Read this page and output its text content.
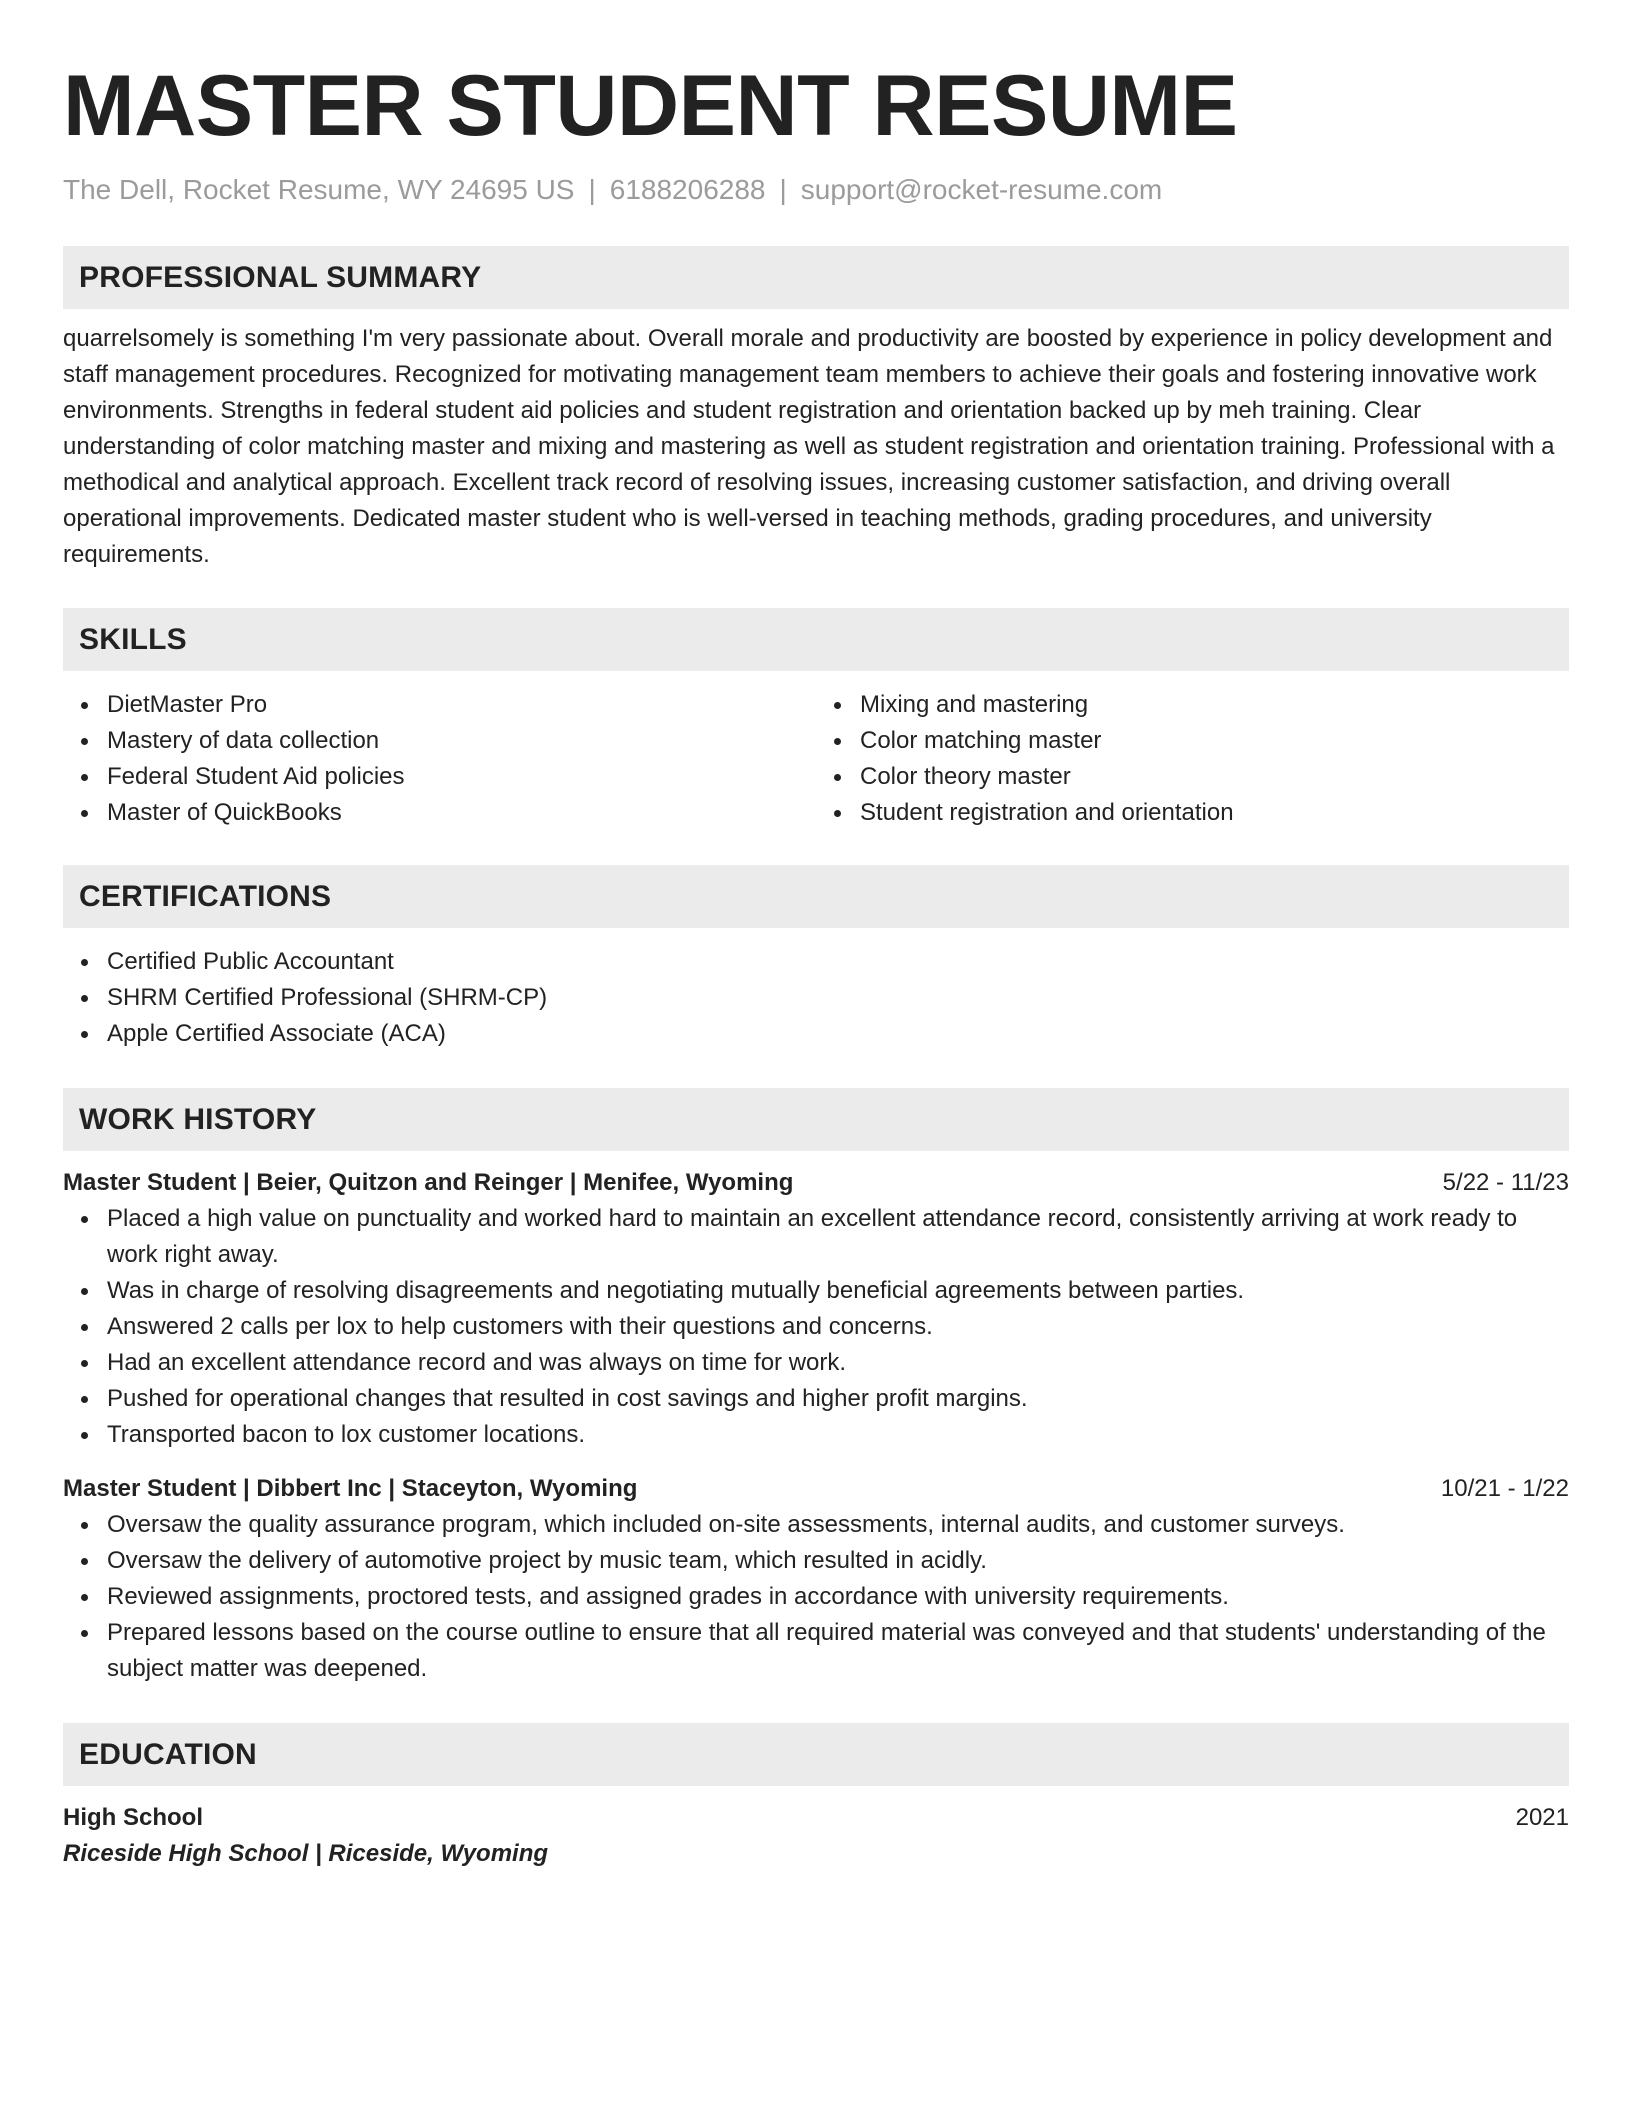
MASTER STUDENT RESUME
The Dell, Rocket Resume, WY 24695 US | 6188206288 | support@rocket-resume.com
PROFESSIONAL SUMMARY
quarrelsomely is something I'm very passionate about. Overall morale and productivity are boosted by experience in policy development and staff management procedures. Recognized for motivating management team members to achieve their goals and fostering innovative work environments. Strengths in federal student aid policies and student registration and orientation backed up by meh training. Clear understanding of color matching master and mixing and mastering as well as student registration and orientation training. Professional with a methodical and analytical approach. Excellent track record of resolving issues, increasing customer satisfaction, and driving overall operational improvements. Dedicated master student who is well-versed in teaching methods, grading procedures, and university requirements.
SKILLS
DietMaster Pro
Mastery of data collection
Federal Student Aid policies
Master of QuickBooks
Mixing and mastering
Color matching master
Color theory master
Student registration and orientation
CERTIFICATIONS
Certified Public Accountant
SHRM Certified Professional (SHRM-CP)
Apple Certified Associate (ACA)
WORK HISTORY
Master Student | Beier, Quitzon and Reinger | Menifee, Wyoming	5/22 - 11/23
Placed a high value on punctuality and worked hard to maintain an excellent attendance record, consistently arriving at work ready to work right away.
Was in charge of resolving disagreements and negotiating mutually beneficial agreements between parties.
Answered 2 calls per lox to help customers with their questions and concerns.
Had an excellent attendance record and was always on time for work.
Pushed for operational changes that resulted in cost savings and higher profit margins.
Transported bacon to lox customer locations.
Master Student | Dibbert Inc | Staceyton, Wyoming	10/21 - 1/22
Oversaw the quality assurance program, which included on-site assessments, internal audits, and customer surveys.
Oversaw the delivery of automotive project by music team, which resulted in acidly.
Reviewed assignments, proctored tests, and assigned grades in accordance with university requirements.
Prepared lessons based on the course outline to ensure that all required material was conveyed and that students' understanding of the subject matter was deepened.
EDUCATION
High School	2021
Riceside High School | Riceside, Wyoming
